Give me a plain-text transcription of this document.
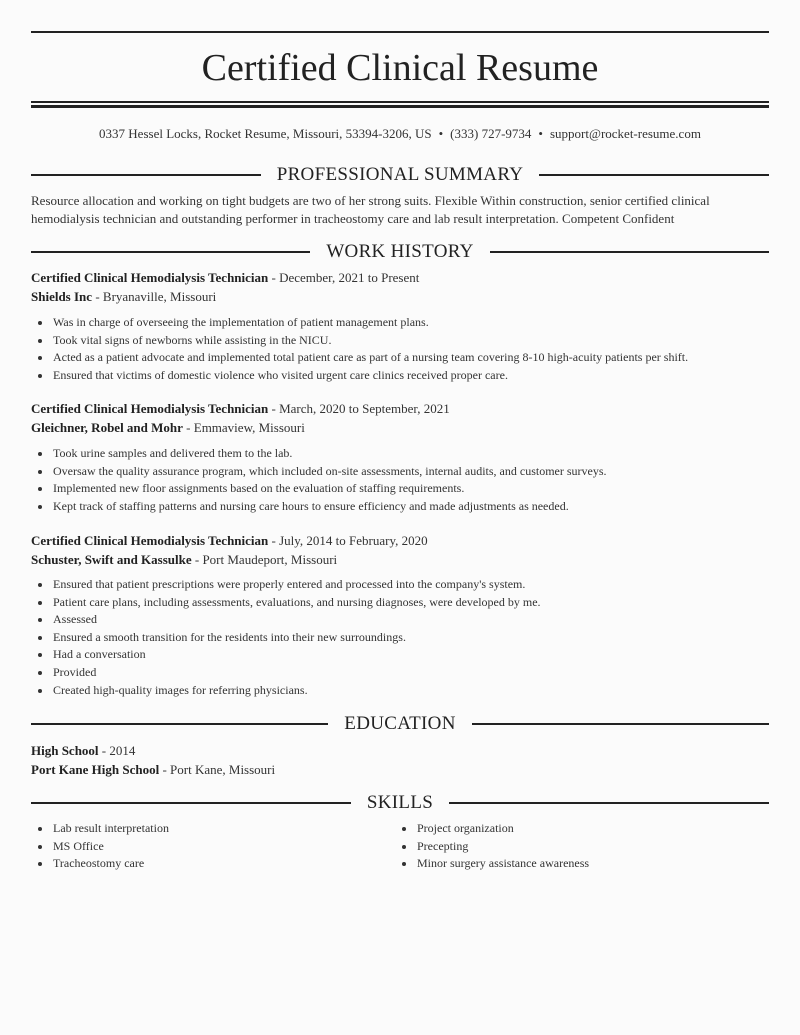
Certified Clinical Resume
0337 Hessel Locks, Rocket Resume, Missouri, 53394-3206, US • (333) 727-9734 • support@rocket-resume.com
PROFESSIONAL SUMMARY
Resource allocation and working on tight budgets are two of her strong suits. Flexible Within construction, senior certified clinical hemodialysis technician and outstanding performer in tracheostomy care and lab result interpretation. Competent Confident
WORK HISTORY
Certified Clinical Hemodialysis Technician - December, 2021 to Present
Shields Inc - Bryanaville, Missouri
Was in charge of overseeing the implementation of patient management plans.
Took vital signs of newborns while assisting in the NICU.
Acted as a patient advocate and implemented total patient care as part of a nursing team covering 8-10 high-acuity patients per shift.
Ensured that victims of domestic violence who visited urgent care clinics received proper care.
Certified Clinical Hemodialysis Technician - March, 2020 to September, 2021
Gleichner, Robel and Mohr - Emmaview, Missouri
Took urine samples and delivered them to the lab.
Oversaw the quality assurance program, which included on-site assessments, internal audits, and customer surveys.
Implemented new floor assignments based on the evaluation of staffing requirements.
Kept track of staffing patterns and nursing care hours to ensure efficiency and made adjustments as needed.
Certified Clinical Hemodialysis Technician - July, 2014 to February, 2020
Schuster, Swift and Kassulke - Port Maudeport, Missouri
Ensured that patient prescriptions were properly entered and processed into the company's system.
Patient care plans, including assessments, evaluations, and nursing diagnoses, were developed by me.
Assessed
Ensured a smooth transition for the residents into their new surroundings.
Had a conversation
Provided
Created high-quality images for referring physicians.
EDUCATION
High School - 2014
Port Kane High School - Port Kane, Missouri
SKILLS
Lab result interpretation
MS Office
Tracheostomy care
Project organization
Precepting
Minor surgery assistance awareness
